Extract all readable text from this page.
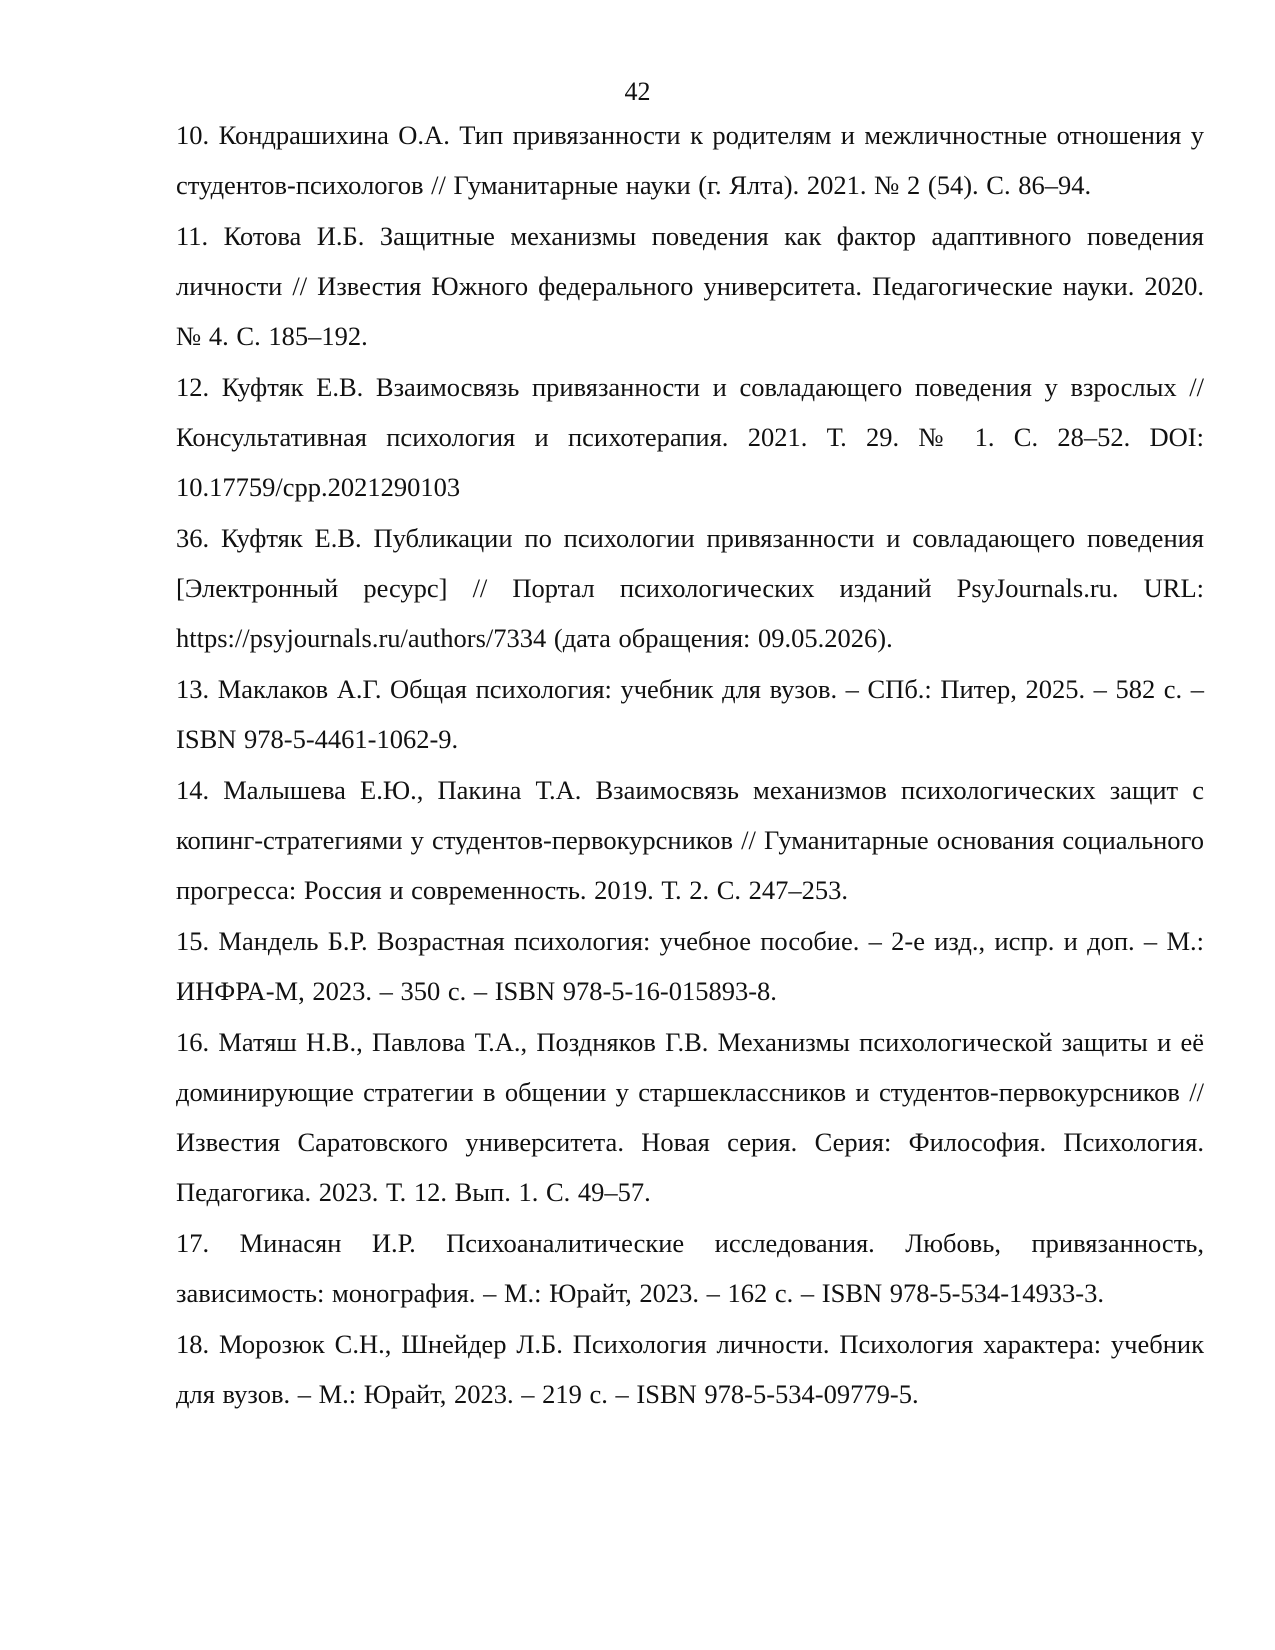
42
10. Кондрашихина О.А. Тип привязанности к родителям и межличностные отношения у студентов-психологов // Гуманитарные науки (г. Ялта). 2021. № 2 (54). С. 86–94.
11. Котова И.Б. Защитные механизмы поведения как фактор адаптивного поведения личности // Известия Южного федерального университета. Педагогические науки. 2020. № 4. С. 185–192.
12. Куфтяк Е.В. Взаимосвязь привязанности и совладающего поведения у взрослых // Консультативная психология и психотерапия. 2021. Т. 29. № 1. С. 28–52. DOI: 10.17759/cpp.2021290103
36. Куфтяк Е.В. Публикации по психологии привязанности и совладающего поведения [Электронный ресурс] // Портал психологических изданий PsyJournals.ru. URL: https://psyjournals.ru/authors/7334 (дата обращения: 09.05.2026).
13. Маклаков А.Г. Общая психология: учебник для вузов. – СПб.: Питер, 2025. – 582 с. – ISBN 978-5-4461-1062-9.
14. Малышева Е.Ю., Пакина Т.А. Взаимосвязь механизмов психологических защит с копинг-стратегиями у студентов-первокурсников // Гуманитарные основания социального прогресса: Россия и современность. 2019. Т. 2. С. 247–253.
15. Мандель Б.Р. Возрастная психология: учебное пособие. – 2-е изд., испр. и доп. – М.: ИНФРА-М, 2023. – 350 с. – ISBN 978-5-16-015893-8.
16. Матяш Н.В., Павлова Т.А., Поздняков Г.В. Механизмы психологической защиты и её доминирующие стратегии в общении у старшеклассников и студентов-первокурсников // Известия Саратовского университета. Новая серия. Серия: Философия. Психология. Педагогика. 2023. Т. 12. Вып. 1. С. 49–57.
17. Минасян И.Р. Психоаналитические исследования. Любовь, привязанность, зависимость: монография. – М.: Юрайт, 2023. – 162 с. – ISBN 978-5-534-14933-3.
18. Морозюк С.Н., Шнейдер Л.Б. Психология личности. Психология характера: учебник для вузов. – М.: Юрайт, 2023. – 219 с. – ISBN 978-5-534-09779-5.
